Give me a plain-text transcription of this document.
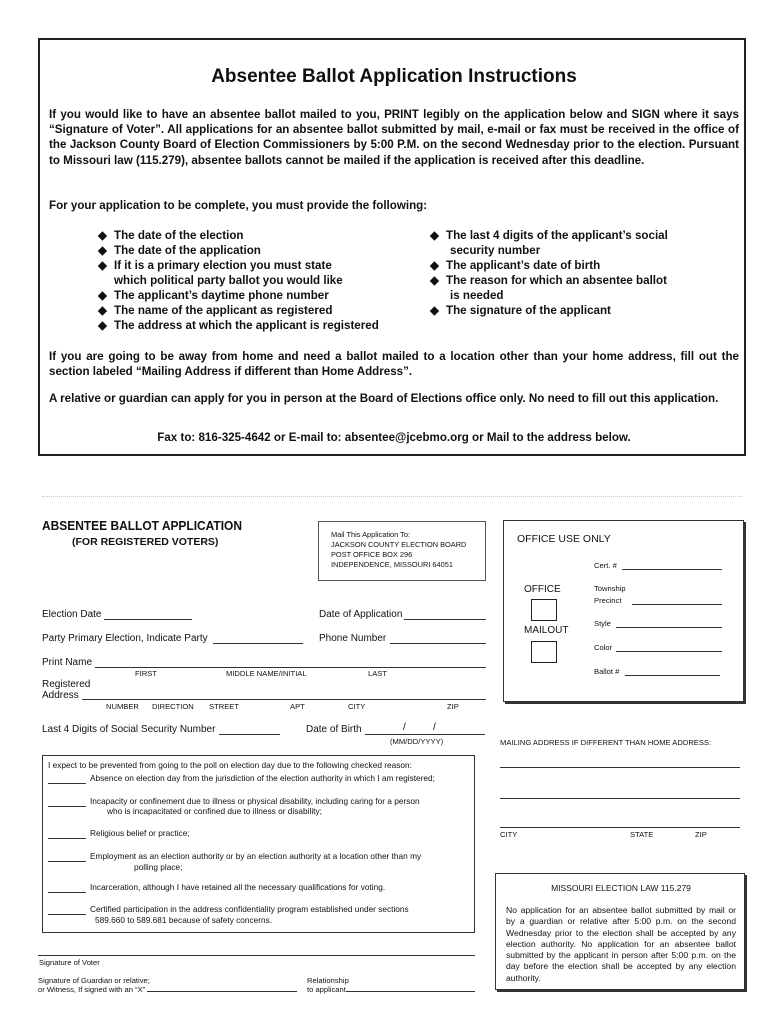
Absentee Ballot Application Instructions
If you would like to have an absentee ballot mailed to you, PRINT legibly on the application below and SIGN where it says “Signature of Voter”. All applications for an absentee ballot submitted by mail, e-mail or fax must be received in the office of the Jackson County Board of Election Commissioners by 5:00 P.M. on the second Wednesday prior to the election. Pursuant to Missouri law (115.279), absentee ballots cannot be mailed if the application is received after this deadline.
For your application to be complete, you must provide the following:
◆ The date of the election
◆ The date of the application
◆ If it is a primary election you must state
which political party ballot you would like
◆ The applicant’s daytime phone number
◆ The name of the applicant as registered
◆ The address at which the applicant is registered
◆ The last 4 digits of the applicant’s social
security number
◆ The applicant’s date of birth
◆ The reason for which an absentee ballot
is needed
◆ The signature of the applicant
If you are going to be away from home and need a ballot mailed to a location other than your home address, fill out the section labeled “Mailing Address if different than Home Address”.
A relative or guardian can apply for you in person at the Board of Elections office only. No need to fill out this application.
Fax to: 816-325-4642 or E-mail to: absentee@jcebmo.org or Mail to the address below.
ABSENTEE BALLOT APPLICATION
(FOR REGISTERED VOTERS)
Mail This Application To:
JACKSON COUNTY ELECTION BOARD
POST OFFICE BOX 296
INDEPENDENCE, MISSOURI 64051
OFFICE USE ONLY
Cert. #
OFFICE
MAILOUT
Township
Precinct
Style
Color
Ballot #
Election Date	Date of Application
Party Primary Election, Indicate Party	Phone Number
Print Name
FIRST	MIDDLE NAME/INITIAL	LAST
Registered
Address
NUMBER DIRECTION STREET	APT	CITY	ZIP
Last 4 Digits of Social Security Number	Date of Birth	/	/
(MM/DD/YYYY)
I expect to be prevented from going to the poll on election day due to the following checked reason:
Absence on election day from the jurisdiction of the election authority in which I am registered;
Incapacity or confinement due to illness or physical disability, including caring for a person
who is incapacitated or confined due to illness or disability;
Religious belief or practice;
Employment as an election authority or by an election authority at a location other than my
polling place;
Incarceration, although I have retained all the necessary qualifications for voting.
Certified participation in the address confidentiality program established under sections
589.660 to 589.681 because of safety concerns.
Signature of Voter
Signature of Guardian or relative;
or Witness, If signed with an “X”
Relationship
to applicant
MAILING ADDRESS IF DIFFERENT THAN HOME ADDRESS:
CITY	STATE	ZIP
MISSOURI ELECTION LAW 115.279
No application for an absentee ballot submitted by mail or by a guardian or relative after 5:00 p.m. on the second Wednesday prior to the election shall be accepted by any election authority. No application for an absentee ballot submitted by the applicant in person after 5:00 p.m. on the day before the election shall be accepted by any election authority.
